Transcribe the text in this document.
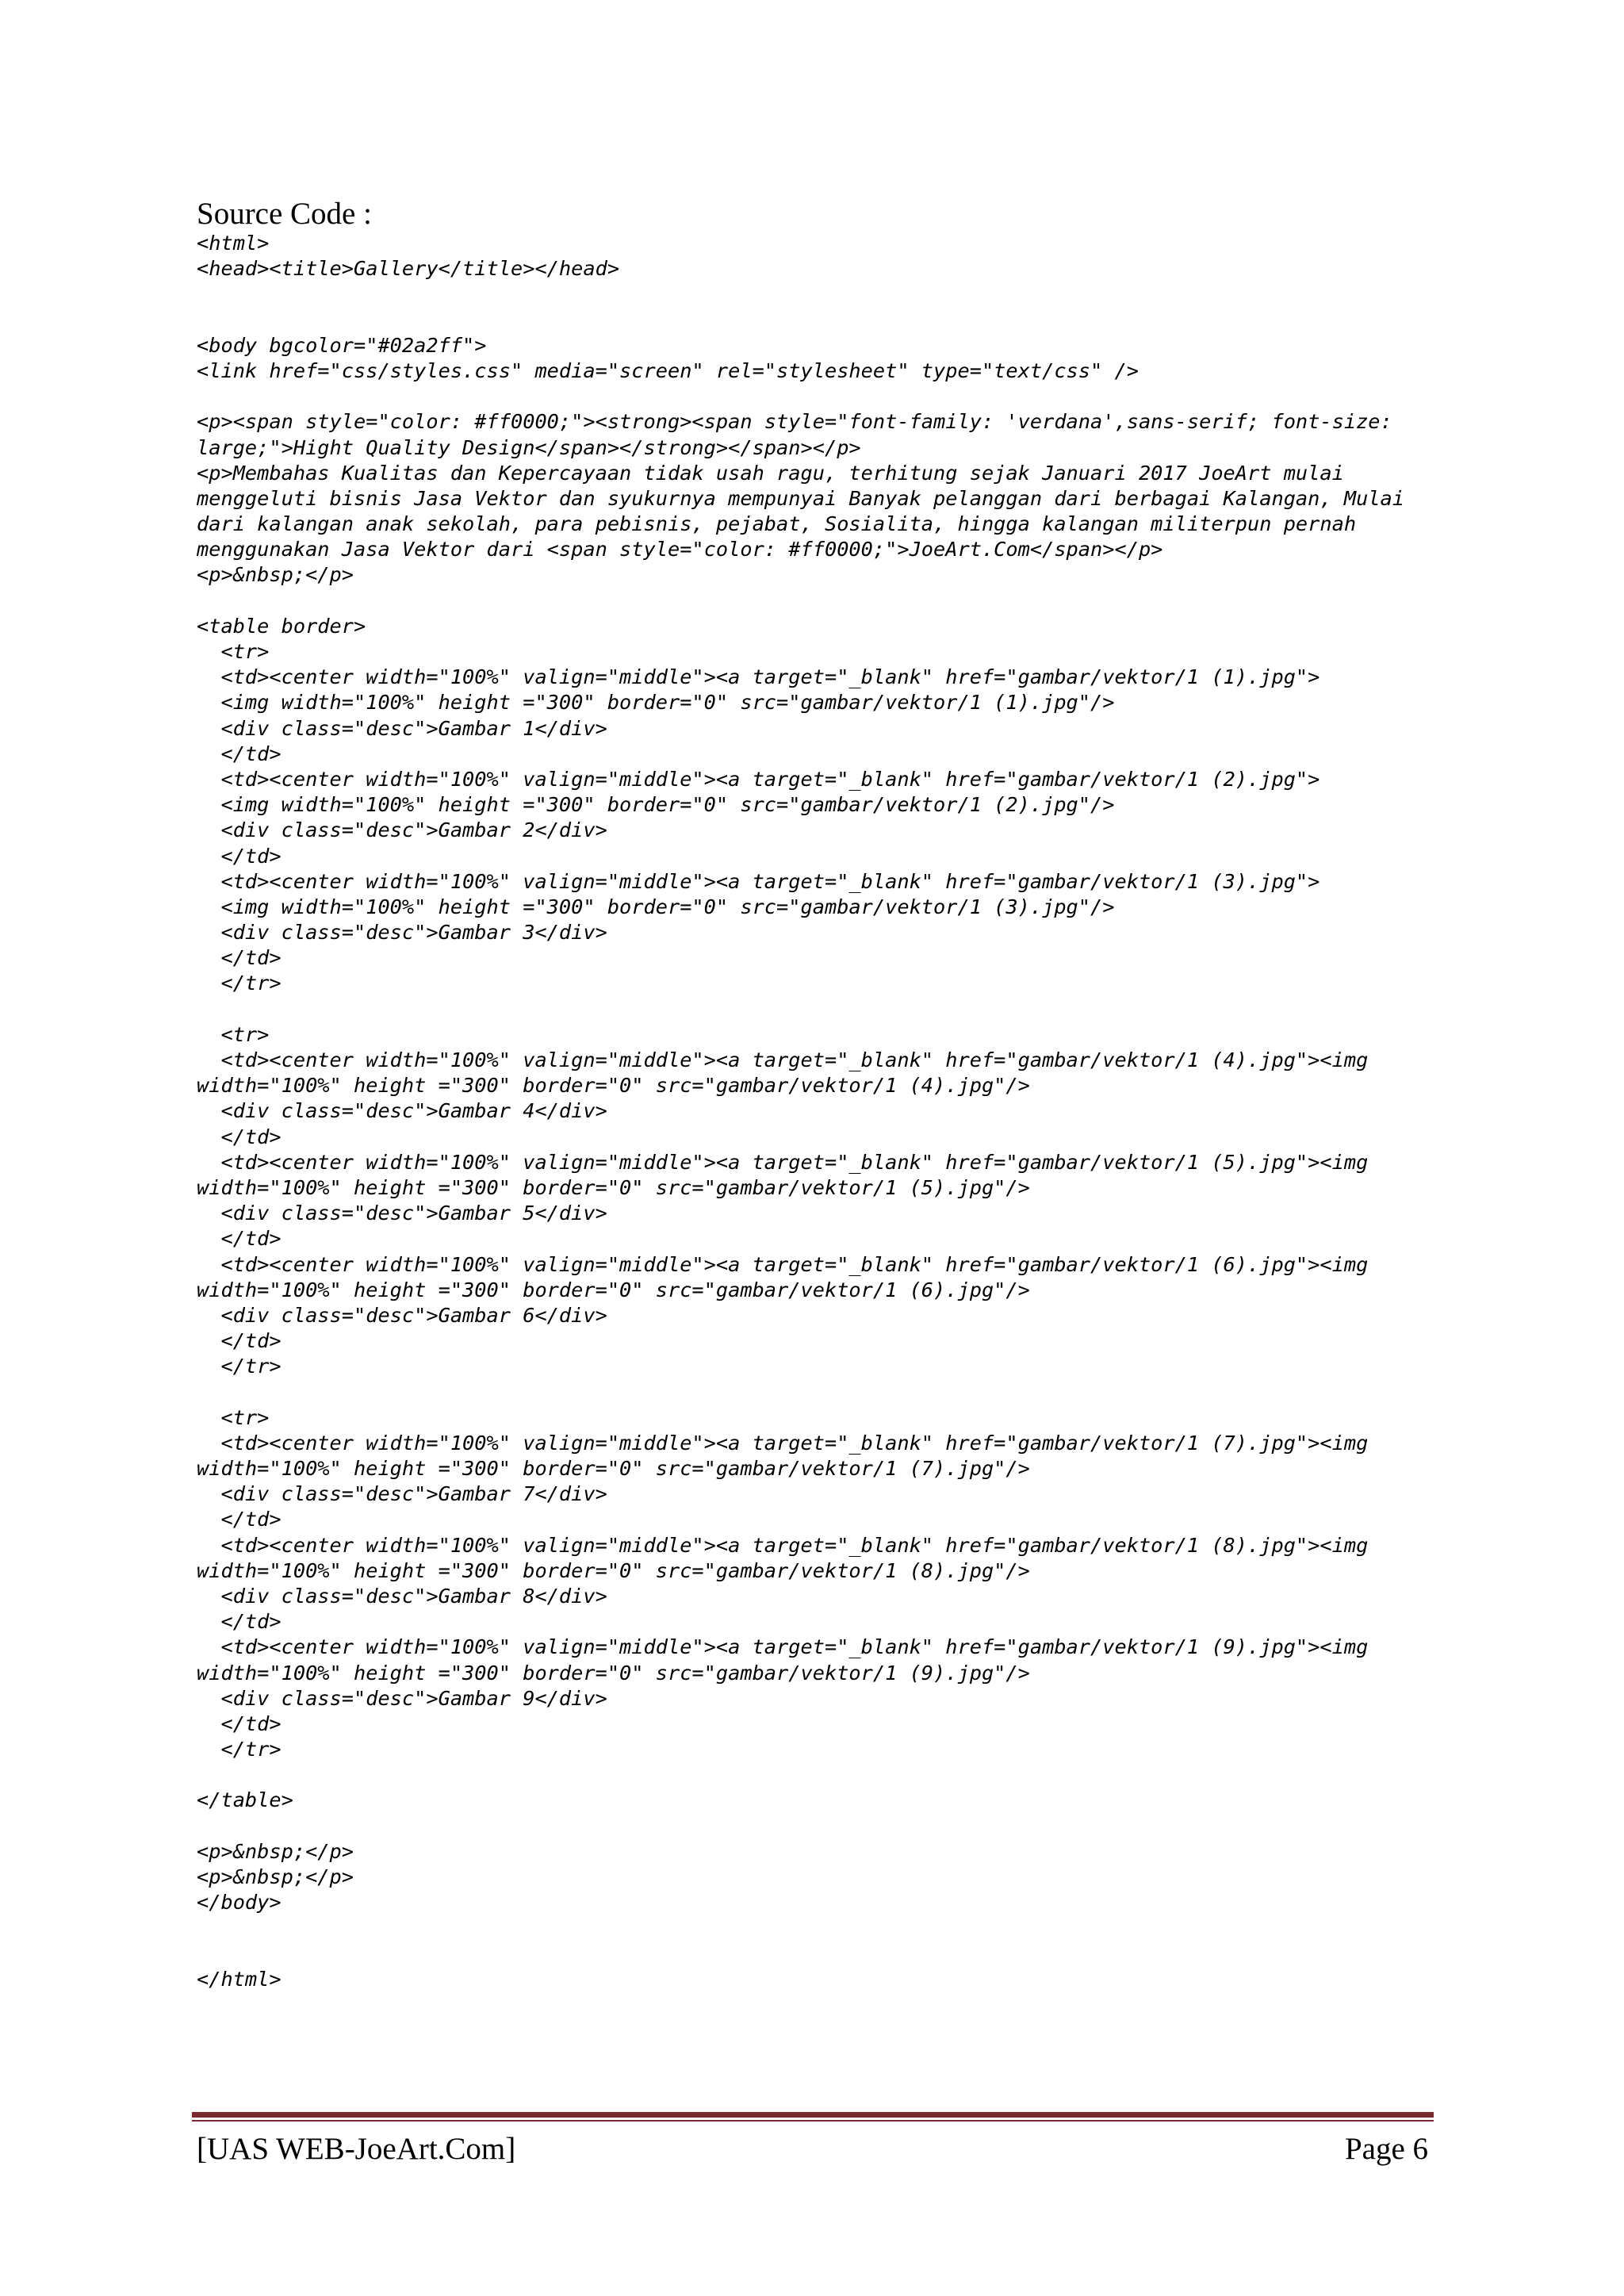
Source Code :
<html>
<head><title>Gallery</title></head>
<body bgcolor="#02a2ff">
<link href="css/styles.css" media="screen" rel="stylesheet" type="text/css" />
<p><span style="color: #ff0000;"><strong><span style="font-family: 'verdana',sans-serif; font-size:
large;">Hight Quality Design</span></strong></span></p>
<p>Membahas Kualitas dan Kepercayaan tidak usah ragu, terhitung sejak Januari 2017 JoeArt mulai
menggeluti bisnis Jasa Vektor dan syukurnya mempunyai Banyak pelanggan dari berbagai Kalangan, Mulai
dari kalangan anak sekolah, para pebisnis, pejabat, Sosialita, hingga kalangan militerpun pernah
menggunakan Jasa Vektor dari <span style="color: #ff0000;">JoeArt.Com</span></p>
<p>&nbsp;</p>
<table border>
<tr>
<td><center width="100%" valign="middle"><a target="_blank" href="gambar/vektor/1 (1).jpg">
<img width="100%" height ="300" border="0" src="gambar/vektor/1 (1).jpg"/>
<div class="desc">Gambar 1</div>
</td>
<td><center width="100%" valign="middle"><a target="_blank" href="gambar/vektor/1 (2).jpg">
<img width="100%" height ="300" border="0" src="gambar/vektor/1 (2).jpg"/>
<div class="desc">Gambar 2</div>
</td>
<td><center width="100%" valign="middle"><a target="_blank" href="gambar/vektor/1 (3).jpg">
<img width="100%" height ="300" border="0" src="gambar/vektor/1 (3).jpg"/>
<div class="desc">Gambar 3</div>
</td>
</tr>
<tr>
<td><center width="100%" valign="middle"><a target="_blank" href="gambar/vektor/1 (4).jpg"><img
width="100%" height ="300" border="0" src="gambar/vektor/1 (4).jpg"/>
<div class="desc">Gambar 4</div>
</td>
<td><center width="100%" valign="middle"><a target="_blank" href="gambar/vektor/1 (5).jpg"><img
width="100%" height ="300" border="0" src="gambar/vektor/1 (5).jpg"/>
<div class="desc">Gambar 5</div>
</td>
<td><center width="100%" valign="middle"><a target="_blank" href="gambar/vektor/1 (6).jpg"><img
width="100%" height ="300" border="0" src="gambar/vektor/1 (6).jpg"/>
<div class="desc">Gambar 6</div>
</td>
</tr>
<tr>
<td><center width="100%" valign="middle"><a target="_blank" href="gambar/vektor/1 (7).jpg"><img
width="100%" height ="300" border="0" src="gambar/vektor/1 (7).jpg"/>
<div class="desc">Gambar 7</div>
</td>
<td><center width="100%" valign="middle"><a target="_blank" href="gambar/vektor/1 (8).jpg"><img
width="100%" height ="300" border="0" src="gambar/vektor/1 (8).jpg"/>
<div class="desc">Gambar 8</div>
</td>
<td><center width="100%" valign="middle"><a target="_blank" href="gambar/vektor/1 (9).jpg"><img
width="100%" height ="300" border="0" src="gambar/vektor/1 (9).jpg"/>
<div class="desc">Gambar 9</div>
</td>
</tr>
</table>
<p>&nbsp;</p>
<p>&nbsp;</p>
</body>
</html>
[UAS WEB-JoeArt.Com]	Page 6
